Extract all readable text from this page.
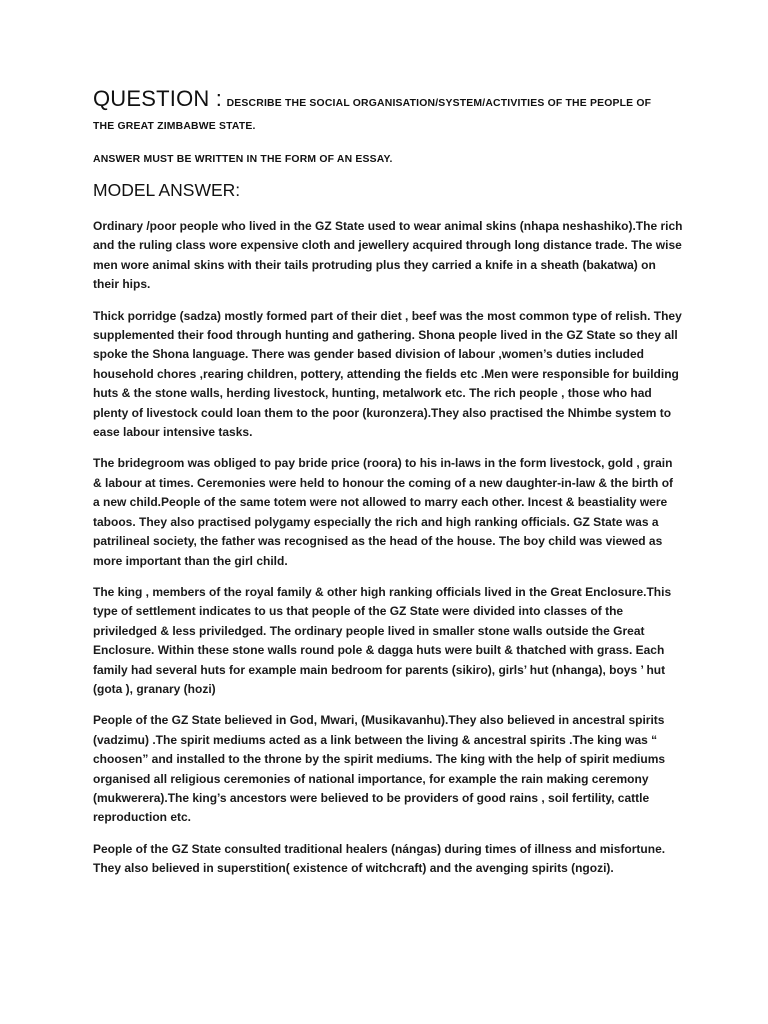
QUESTION : DESCRIBE THE SOCIAL ORGANISATION/SYSTEM/ACTIVITIES OF THE PEOPLE OF
THE GREAT ZIMBABWE STATE.

ANSWER MUST BE WRITTEN IN THE FORM OF AN ESSAY.

MODEL ANSWER:

Ordinary /poor people who lived in the GZ State used to wear animal skins (nhapa neshashiko).The rich and the ruling class wore expensive cloth and jewellery acquired through long distance trade. The wise men wore animal skins with their tails protruding plus they carried a knife in a sheath (bakatwa) on their hips.

Thick porridge (sadza) mostly formed part of their diet , beef was the most common type of relish. They supplemented their food through hunting and gathering. Shona people lived in the GZ State so they all spoke the Shona language. There was gender based division of labour ,women’s duties included household chores ,rearing children, pottery, attending the fields etc .Men were responsible for building huts & the stone walls, herding livestock, hunting, metalwork etc. The rich people , those who had plenty of livestock could loan them to the poor (kuronzera).They also practised the Nhimbe system to ease labour intensive tasks.

The bridegroom was obliged to pay bride price (roora) to his in-laws in the form livestock, gold , grain & labour at times. Ceremonies were held to honour the coming of a new daughter-in-law & the birth of a new child.People of the same totem were not allowed to marry each other. Incest & beastiality were taboos. They also practised polygamy especially the rich and high ranking officials. GZ State was a patrilineal society, the father was recognised as the head of the house. The boy child was viewed as more important than the girl child.

The king , members of the royal family & other high ranking officials lived in the Great Enclosure.This type of settlement indicates to us that people of the GZ State were divided into classes of the priviledged & less priviledged. The ordinary people lived in smaller stone walls outside the Great Enclosure. Within these stone walls round pole & dagga huts were built & thatched with grass. Each family had several huts for example main bedroom for parents (sikiro), girls’ hut (nhanga), boys ’ hut (gota ), granary (hozi)

People of the GZ State believed in God, Mwari, (Musikavanhu).They also believed in ancestral spirits (vadzimu) .The spirit mediums acted as a link between the living & ancestral spirits .The king was “ choosen” and installed to the throne by the spirit mediums. The king with the help of spirit mediums organised all religious ceremonies of national importance, for example the rain making ceremony (mukwerera).The king’s ancestors were believed to be providers of good rains , soil fertility, cattle reproduction etc.

People of the GZ State consulted traditional healers (nángas) during times of illness and misfortune. They also believed in superstition( existence of witchcraft) and the avenging spirits (ngozi).
